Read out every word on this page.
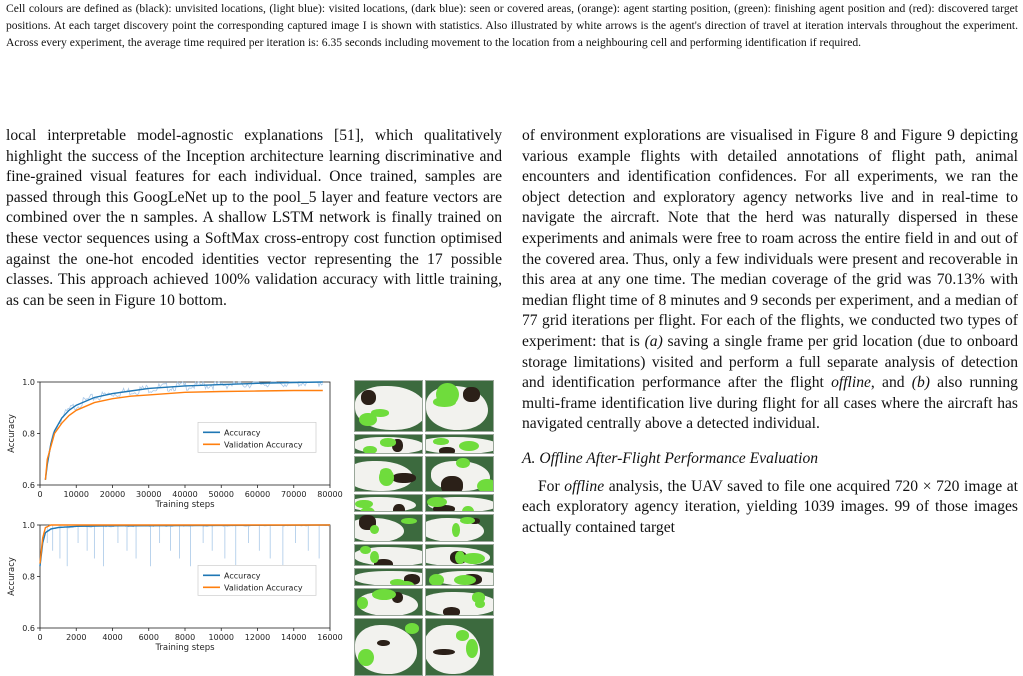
Cell colours are defined as (black): unvisited locations, (light blue): visited locations, (dark blue): seen or covered areas, (orange): agent starting position, (green): finishing agent position and (red): discovered target positions. At each target discovery point the corresponding captured image I is shown with statistics. Also illustrated by white arrows is the agent's direction of travel at iteration intervals throughout the experiment. Across every experiment, the average time required per iteration is: 6.35 seconds including movement to the location from a neighbouring cell and performing identification if required.

local interpretable model-agnostic explanations [51], which qualitatively highlight the success of the Inception architecture learning discriminative and fine-grained visual features for each individual. Once trained, samples are passed through this GoogLeNet up to the pool_5 layer and feature vectors are combined over the n samples. A shallow LSTM network is finally trained on these vector sequences using a SoftMax cross-entropy cost function optimised against the one-hot encoded identities vector representing the 17 possible classes. This approach achieved 100% validation accuracy with little training, as can be seen in Figure 10 bottom.

of environment explorations are visualised in Figure 8 and Figure 9 depicting various example flights with detailed annotations of flight path, animal encounters and identification confidences. For all experiments, we ran the object detection and exploratory agency networks live and in real-time to navigate the aircraft. Note that the herd was naturally dispersed in these experiments and animals were free to roam across the entire field in and out of the covered area. Thus, only a few individuals were present and recoverable in this area at any one time. The median coverage of the grid was 70.13% with median flight time of 8 minutes and 9 seconds per experiment, and a median of 77 grid iterations per flight. For each of the flights, we conducted two types of experiment: that is (a) saving a single frame per grid location (due to onboard storage limitations) visited and perform a full separate analysis of detection and identification performance after the flight offline, and (b) also running multi-frame identification live during flight for all cases where the aircraft has navigated centrally above a detected individual.

A. Offline After-Flight Performance Evaluation

For offline analysis, the UAV saved to file one acquired 720 × 720 image at each exploratory agency iteration, yielding 1039 images. 99 of those images actually contained target

0.6
0.8
1.0
0	10000 20000 30000 40000 50000 60000 70000 80000
Training steps
Accuracy	Accuracy
Validation Accuracy
0.6
0.8
1.0
0	2000 4000 6000 8000 10000 12000 14000 16000
Training steps
Accuracy	Accuracy
Validation Accuracy
